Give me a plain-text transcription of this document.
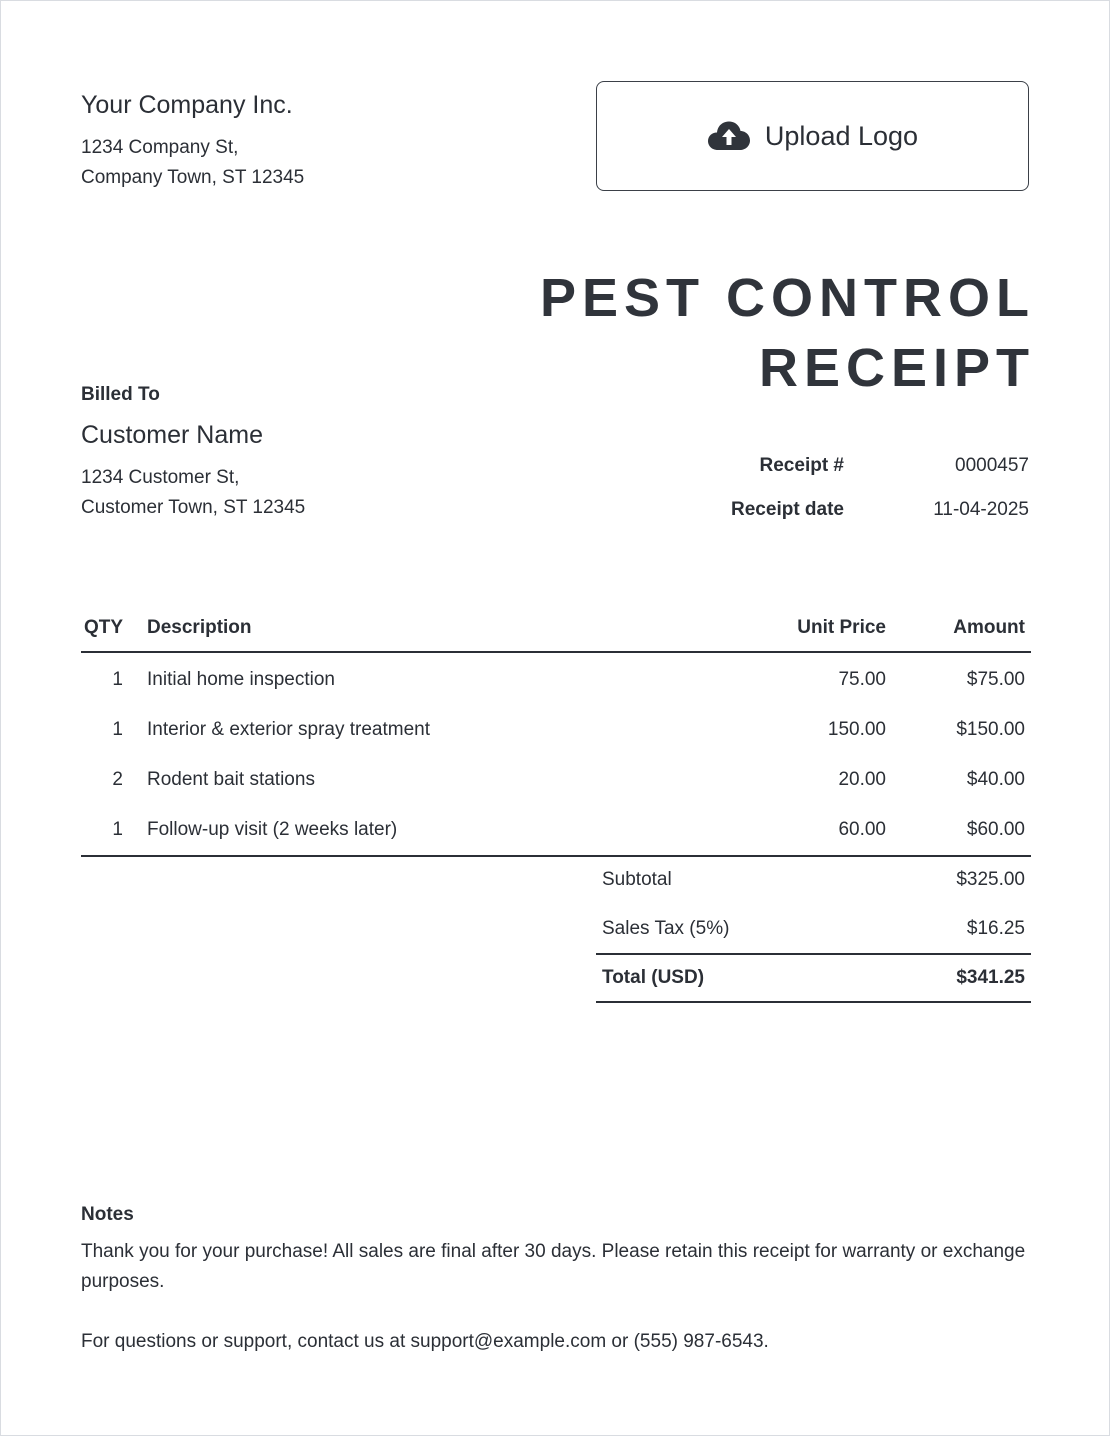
Your Company Inc.
1234 Company St,
Company Town, ST 12345
Upload Logo
PEST CONTROL
RECEIPT
Billed To
Customer Name
1234 Customer St,
Customer Town, ST 12345
Receipt #	0000457
Receipt date	11-04-2025
QTY	Description	Unit Price	Amount
1	Initial home inspection	75.00	$75.00
1	Interior & exterior spray treatment	150.00	$150.00
2	Rodent bait stations	20.00	$40.00
1	Follow-up visit (2 weeks later)	60.00	$60.00
Subtotal	$325.00
Sales Tax (5%)	$16.25
Total (USD)	$341.25
Notes

Thank you for your purchase! All sales are final after 30 days. Please retain this receipt for warranty or exchange purposes.

For questions or support, contact us at support@example.com or (555) 987-6543.
